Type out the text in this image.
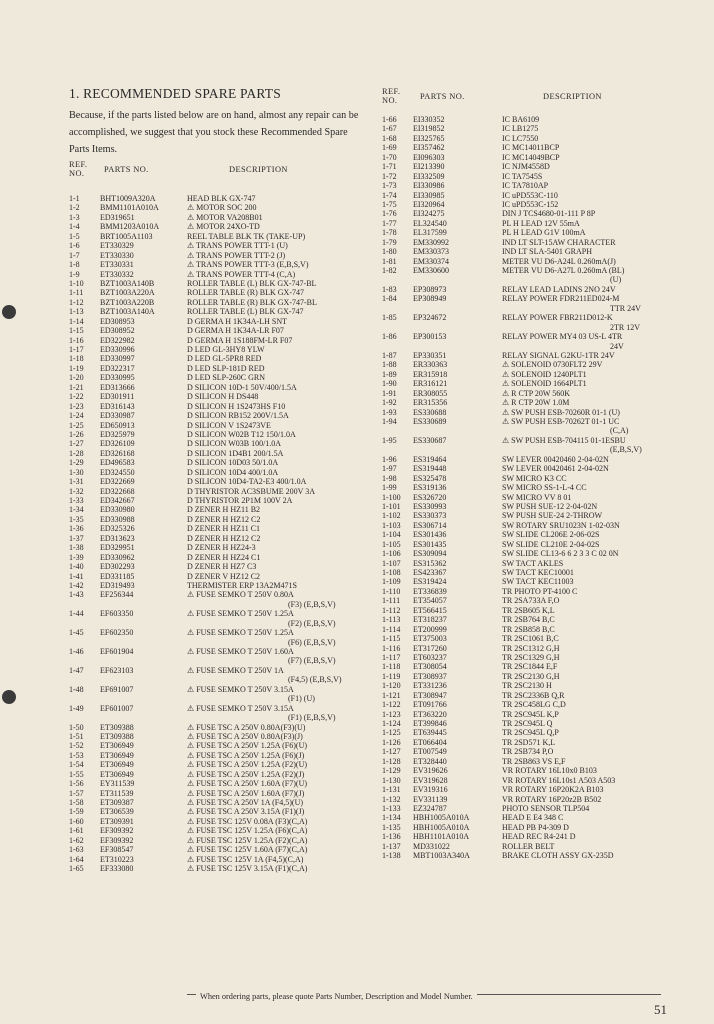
1. RECOMMENDED SPARE PARTS
Because, if the parts listed below are on hand, almost any repair can be accomplished, we suggest that you stock these Recommended Spare Parts Items.
REF. NO.	PARTS NO.	DESCRIPTION
REF. NO.	PARTS NO.	DESCRIPTION
1-1	BHT1009A320A	HEAD BLK GX-747
1-2	BMM1101A010A	⚠ MOTOR SOC 200
1-3	ED319651	⚠ MOTOR VA208B01
1-4	BMM1203A010A	⚠ MOTOR 24XO-TD
1-5	BRT1005A1103	REEL TABLE BLK TK (TAKE-UP)
1-6	ET330329	⚠ TRANS POWER TTT-1 (U)
1-7	ET330330	⚠ TRANS POWER TTT-2 (J)
1-8	ET330331	⚠ TRANS POWER TTT-3 (E,B,S,V)
1-9	ET330332	⚠ TRANS POWER TTT-4 (C,A)
1-10 BZT1003A140B	ROLLER TABLE (L) BLK GX-747-BL
1-11 BZT1003A220A	ROLLER TABLE (R) BLK GX-747
1-12 BZT1003A220B	ROLLER TABLE (R) BLK GX-747-BL
1-13 BZT1003A140A	ROLLER TABLE (L) BLK GX-747
1-14 ED308953	D GERMA H 1K34A-LH SNT
1-15 ED308952	D GERMA H 1K34A-LR F07
1-16 ED322982	D GERMA H 1S188FM-LR F07
1-17 ED330996	D LED GL-3HY8 YLW
1-18 ED330997	D LED GL-5PR8 RED
1-19 ED322317	D LED SLP-181D RED
1-20 ED330995	D LED SLP-260C GRN
1-21 ED313666	D SILICON 10D-1 50V/400/1.5A
1-22 ED301911	D SILICON H DS448
1-23 ED316143	D SILICON H 1S2473HS F10
1-24 ED330987	D SILICON RB152 200V/1.5A
1-25 ED650913	D SILICON V 1S2473VE
1-26 ED325979	D SILICON W02B T12 150/1.0A
1-27 ED326109	D SILICON W03B 100/1.0A
1-28 ED326168	D SILICON 1D4B1 200/1.5A
1-29 ED496583	D SILICON 10D03 50/1.0A
1-30 ED324550	D SILICON 10D4 400/1.0A
1-31 ED322669	D SILICON 10D4-TA2-E3 400/1.0A
1-32 ED322668	D THYRISTOR AC3SBUME 200V 3A
1-33 ED342667	D THYRISTOR 2P1M 100V 2A
1-34 ED330980	D ZENER H HZ11 B2
1-35 ED330988	D ZENER H HZ12 C2
1-36 ED325326	D ZENER H HZ11 C1
1-37 ED313623	D ZENER H HZ12 C2
1-38 ED329951	D ZENER H HZ24-3
1-39 ED330962	D ZENER H HZ24 C1
1-40 ED302293	D ZENER H HZ7 C3
1-41 ED331185	D ZENER V HZ12 C2
1-42 ED319493	THERMISTER ERP 13A2M471S
1-43 EF256344	⚠ FUSE SEMKO T 250V 0.80A
(F3) (E,B,S,V)
1-44 EF603350	⚠ FUSE SEMKO T 250V 1.25A
(F2) (E,B,S,V)
1-45 EF602350	⚠ FUSE SEMKO T 250V 1.25A
(F6) (E,B,S,V)
1-46 EF601904	⚠ FUSE SEMKO T 250V 1.60A
(F7) (E,B,S,V)
1-47 EF623103	⚠ FUSE SEMKO T 250V 1A
(F4,5) (E,B,S,V)
1-48 EF691007	⚠ FUSE SEMKO T 250V 3.15A
(F1) (U)
1-49 EF601007	⚠ FUSE SEMKO T 250V 3.15A
(F1) (E,B,S,V)
1-50 ET309388	⚠ FUSE TSC A 250V 0.80A(F3)(U)
1-51 ET309388	⚠ FUSE TSC A 250V 0.80A(F3)(J)
1-52 ET306949	⚠ FUSE TSC A 250V 1.25A (F6)(U)
1-53 ET306949	⚠ FUSE TSC A 250V 1.25A (F6)(J)
1-54 ET306949	⚠ FUSE TSC A 250V 1.25A (F2)(U)
1-55 ET306949	⚠ FUSE TSC A 250V 1.25A (F2)(J)
1-56 EY311539	⚠ FUSE TSC A 250V 1.60A (F7)(U)
1-57 ET311539	⚠ FUSE TSC A 250V 1.60A (F7)(J)
1-58 ET309387	⚠ FUSE TSC A 250V 1A (F4,5)(U)
1-59 ET306539	⚠ FUSE TSC A 250V 3.15A (F1)(J)
1-60 ET309391	⚠ FUSE TSC 125V 0.08A (F3)(C,A)
1-61 EF309392	⚠ FUSE TSC 125V 1.25A (F6)(C,A)
1-62 EF309392	⚠ FUSE TSC 125V 1.25A (F2)(C,A)
1-63 EF308547	⚠ FUSE TSC 125V 1.60A (F7)(C,A)
1-64 ET310223	⚠ FUSE TSC 125V 1A (F4,5)(C,A)
1-65 EF333080	⚠ FUSE TSC 125V 3.15A (F1)(C,A)
1-66 EI330352	IC BA6109
1-67 EI319852	IC LB1275
1-68 EI325765	IC LC7550
1-69 EI357462	IC MC14011BCP
1-70 EI096303	IC MC14049BCP
1-71 EI213390	IC NJM4558D
1-72 EI332509	IC TA7545S
1-73 EI330986	IC TA7810AP
1-74 EI330985	IC uPD553C-110
1-75 EI320964	IC uPD553C-152
1-76 EI324275	DIN J TCS4680-01-111 P 8P
1-77 EL324540	PL H LEAD 12V 55mA
1-78 EL317599	PL H LEAD G1V 100mA
1-79 EM330992	IND LT SLT-15AW CHARACTER
1-80 EM330373	IND LT SLA-5401 GRAPH
1-81 EM330374	METER VU D6-A24L 0.260mA(J)
1-82 EM330600	METER VU D6-A27L 0.260mA (BL)
(U)
1-83 EP308973	RELAY LEAD LADINS 2NO 24V
1-84 EP308949	RELAY POWER FDR211ED024-M
TTR 24V
1-85 EP324672	RELAY POWER FBR211D012-K
2TR 12V
1-86 EP300153	RELAY POWER MY4 03 US-L 4TR
24V
1-87 EP330351	RELAY SIGNAL G2KU-1TR 24V
1-88 ER330363	⚠ SOLENOID 0730FLT2 29V
1-89 ER315918	⚠ SOLENOID 1240PLT1
1-90 ER316121	⚠ SOLENOID 1664PLT1
1-91 ER308055	⚠ R CTP 20W 560K
1-92 ER315356	⚠ R CTP 20W 1.0M
1-93 ES330688	⚠ SW PUSH ESB-70260R 01-1 (U)
1-94 ES330689	⚠ SW PUSH ESB-70262T 01-1 UC
(C,A)
1-95 ES330687	⚠ SW PUSH ESB-704115 01-1ESBU
(E,B,S,V)
1-96 ES319464	SW LEVER 00420460 2-04-02N
1-97 ES319448	SW LEVER 00420461 2-04-02N
1-98 ES325478	SW MICRO K3 CC
1-99 ES319136	SW MICRO SS-1-L-4 CC
1-100 ES326720	SW MICRO VV 8 01
1-101 ES330993	SW PUSH SUE-12 2-04-02N
1-102 ES330373	SW PUSH SUE-24 2-THROW
1-103 ES306714	SW ROTARY SRU1023N 1-02-03N
1-104 ES301436	SW SLIDE CL206E 2-06-02S
1-105 ES301435	SW SLIDE CL210E 2-04-02S
1-106 ES309094	SW SLIDE CL13-6 6 2 3 3 C 02 0N
1-107 ES315362	SW TACT AKLES
1-108 ES423367	SW TACT KEC10001
1-109 ES319424	SW TACT KEC11003
1-110 ET336839	TR PHOTO PT-4100 C
1-111 ET354057	TR 2SA733A F,O
1-112 ET566415	TR 2SB605 K,L
1-113 ET318237	TR 2SB764 B,C
1-114 ET200999	TR 2SB858 B,C
1-115 ET375003	TR 2SC1061 B,C
1-116 ET317260	TR 2SC1312 G,H
1-117 ET603237	TR 2SC1329 G,H
1-118 ET308054	TR 2SC1844 E,F
1-119 ET308937	TR 2SC2130 G,H
1-120 ET331236	TR 2SC2130 H
1-121 ET308947	TR 2SC2336B Q,R
1-122 ET091766	TR 2SC458LG C,D
1-123 ET363220	TR 2SC945L K,P
1-124 ET399846	TR 2SC945L Q
1-125 ET639445	TR 2SC945L Q,P
1-126 ET066404	TR 2SD571 K,L
1-127 ET007549	TR 2SB734 P,O
1-128 ET328440	TR 2SB863 VS E,F
1-129 EV319626	VR ROTARY 16L10x0 B103
1-130 EV319628	VR ROTARY 16L10s1 A503 A503
1-131 EV319316	VR ROTARY 16P20K2A B103
1-132 EV331139	VR ROTARY 16P20z2B B502
1-133 EZ324787	PHOTO SENSOR TLP504
1-134 HBH1005A010A	HEAD E E4 348 C
1-135 HBH1005A010A	HEAD PB P4-309 D
1-136 HBH1101A010A	HEAD REC R4-241 D
1-137 MD331022	ROLLER BELT
1-138 MBT1003A340A	BRAKE CLOTH ASSY GX-235D
When ordering parts, please quote Parts Number, Description and Model Number.
51
